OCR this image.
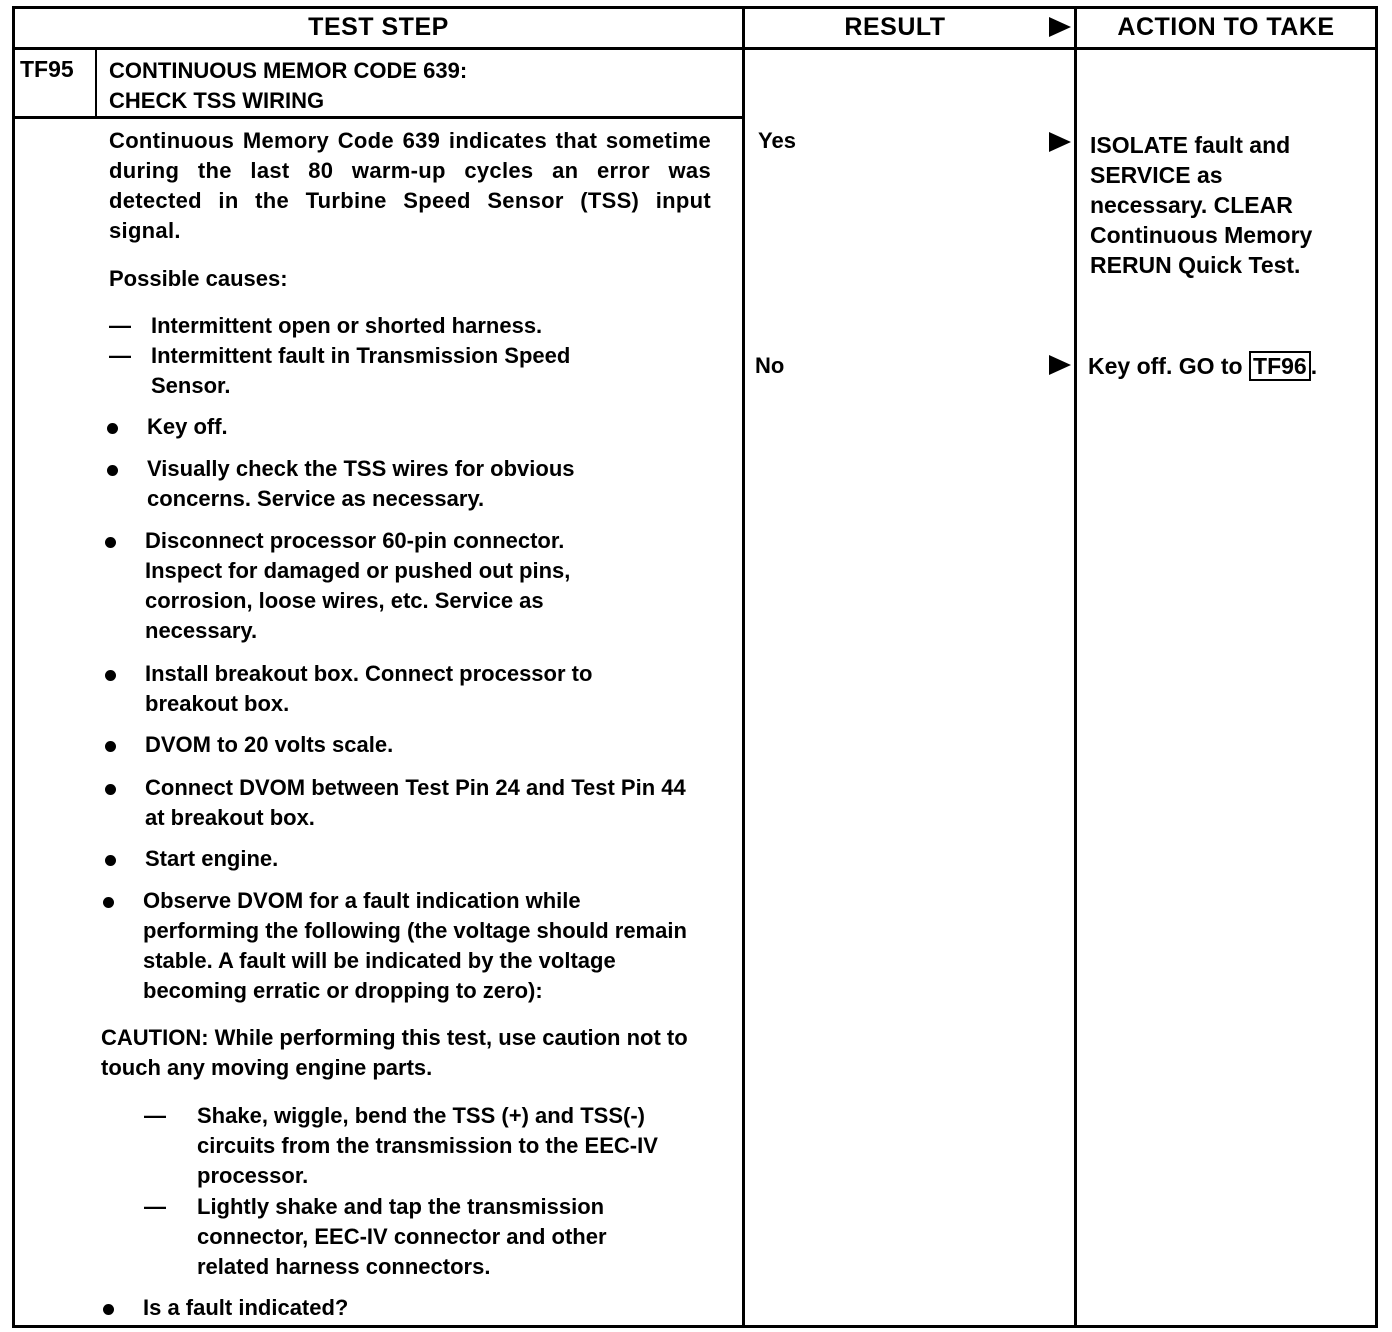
TEST STEP	RESULT	ACTION TO TAKE
TF95 CONTINUOUS MEMOR CODE 639:
CHECK TSS WIRING
Continuous Memory Code 639 indicates that sometime during the last 80 warm-up cycles an error was detected in the Turbine Speed Sensor (TSS) input signal.
Possible causes:
— Intermittent open or shorted harness.
— Intermittent fault in Transmission Speed Sensor.
Key off.
Visually check the TSS wires for obvious concerns. Service as necessary.
Disconnect processor 60-pin connector. Inspect for damaged or pushed out pins, corrosion, loose wires, etc. Service as necessary.
Install breakout box. Connect processor to breakout box.
DVOM to 20 volts scale.
Connect DVOM between Test Pin 24 and Test Pin 44 at breakout box.
Start engine.
Observe DVOM for a fault indication while performing the following (the voltage should remain stable. A fault will be indicated by the voltage becoming erratic or dropping to zero):
CAUTION: While performing this test, use caution not to touch any moving engine parts.
— Shake, wiggle, bend the TSS (+) and TSS(-) circuits from the transmission to the EEC-IV processor.
— Lightly shake and tap the transmission connector, EEC-IV connector and other related harness connectors.
Is a fault indicated?
Yes
No
ISOLATE fault and SERVICE as necessary. CLEAR Continuous Memory RERUN Quick Test.
Key off. GO to TF96 .
